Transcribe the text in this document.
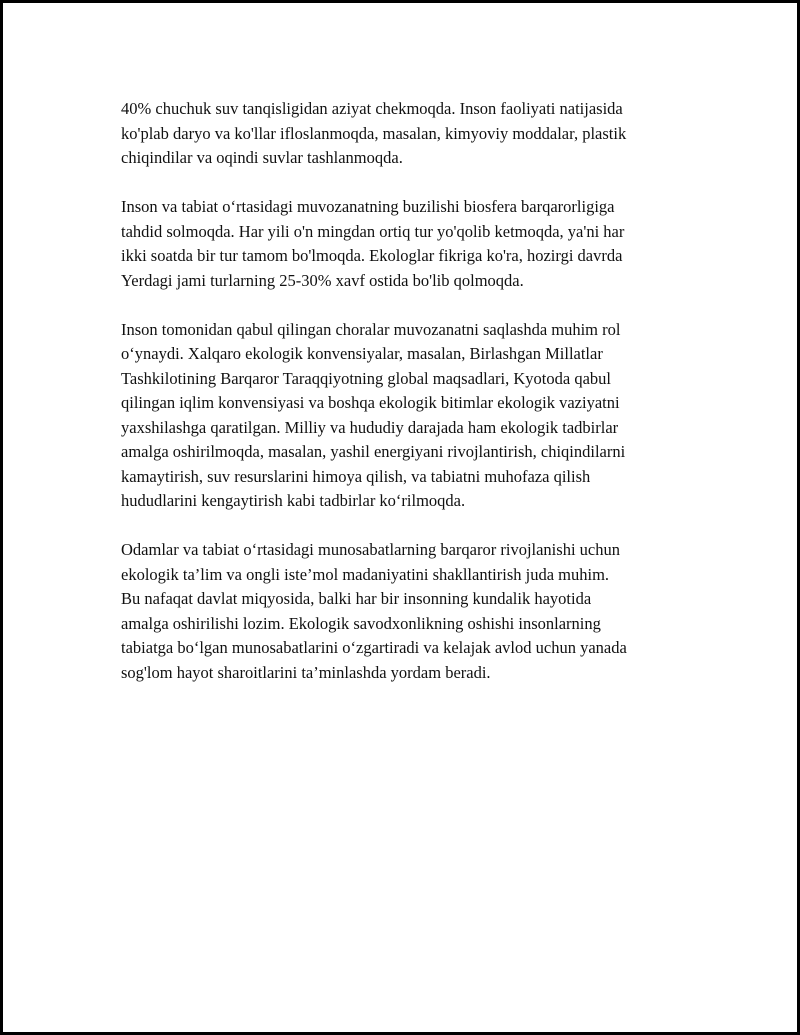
40% chuchuk suv tanqisligidan aziyat chekmoqda. Inson faoliyati natijasida
ko'plab daryo va ko'llar ifloslanmoqda, masalan, kimyoviy moddalar, plastik
chiqindilar va oqindi suvlar tashlanmoqda.

Inson va tabiat o‘rtasidagi muvozanatning buzilishi biosfera barqarorligiga
tahdid solmoqda. Har yili o'n mingdan ortiq tur yo'qolib ketmoqda, ya'ni har
ikki soatda bir tur tamom bo'lmoqda. Ekologlar fikriga ko'ra, hozirgi davrda
Yerdagi jami turlarning 25-30% xavf ostida bo'lib qolmoqda.

Inson tomonidan qabul qilingan choralar muvozanatni saqlashda muhim rol
o‘ynaydi. Xalqaro ekologik konvensiyalar, masalan, Birlashgan Millatlar
Tashkilotining Barqaror Taraqqiyotning global maqsadlari, Kyotoda qabul
qilingan iqlim konvensiyasi va boshqa ekologik bitimlar ekologik vaziyatni
yaxshilashga qaratilgan. Milliy va hududiy darajada ham ekologik tadbirlar
amalga oshirilmoqda, masalan, yashil energiyani rivojlantirish, chiqindilarni
kamaytirish, suv resurslarini himoya qilish, va tabiatni muhofaza qilish
hududlarini kengaytirish kabi tadbirlar ko‘rilmoqda.

Odamlar va tabiat o‘rtasidagi munosabatlarning barqaror rivojlanishi uchun
ekologik ta’lim va ongli iste’mol madaniyatini shakllantirish juda muhim.
Bu nafaqat davlat miqyosida, balki har bir insonning kundalik hayotida
amalga oshirilishi lozim. Ekologik savodxonlikning oshishi insonlarning
tabiatga bo‘lgan munosabatlarini o‘zgartiradi va kelajak avlod uchun yanada
sog'lom hayot sharoitlarini ta’minlashda yordam beradi.
